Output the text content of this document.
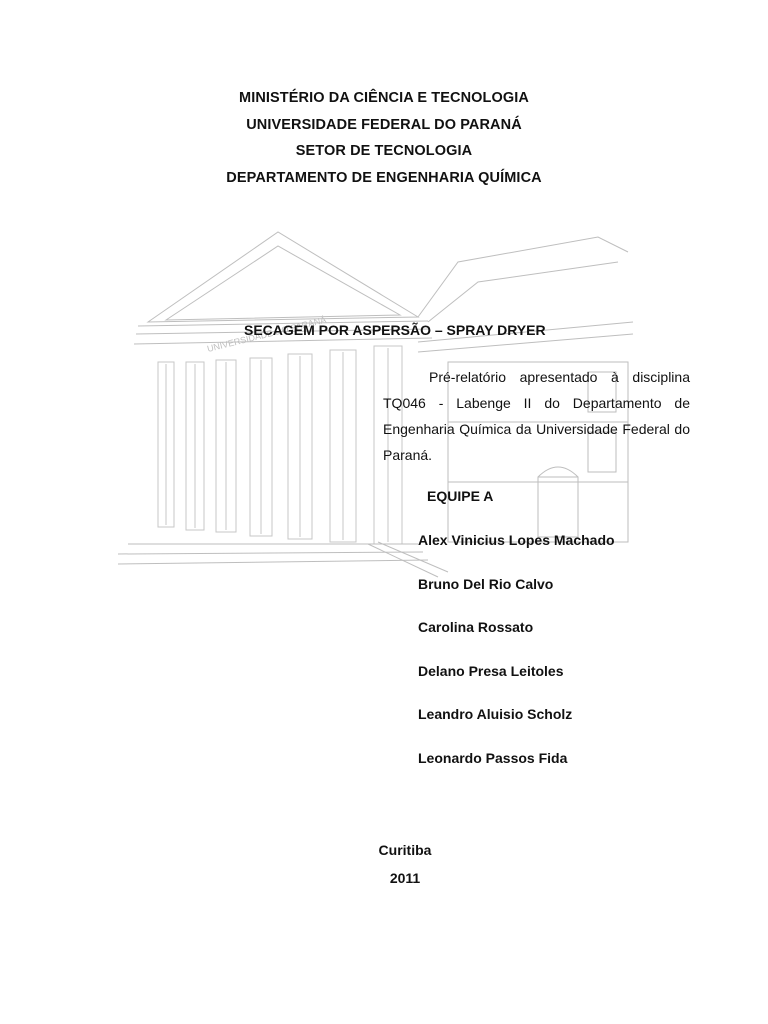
MINISTÉRIO DA CIÊNCIA E TECNOLOGIA
UNIVERSIDADE FEDERAL DO PARANÁ
SETOR DE TECNOLOGIA
DEPARTAMENTO DE ENGENHARIA QUÍMICA
UNIVERSIDADE DO PARANÁ
SECAGEM POR ASPERSÃO – SPRAY DRYER
Pré-relatório apresentado à disciplina TQ046 - Labenge II do Departamento de Engenharia Química da Universidade Federal do Paraná.
EQUIPE A
Alex Vinicius Lopes Machado
Bruno Del Rio Calvo
Carolina Rossato
Delano Presa Leitoles
Leandro Aluisio Scholz
Leonardo Passos Fida
Curitiba
2011
